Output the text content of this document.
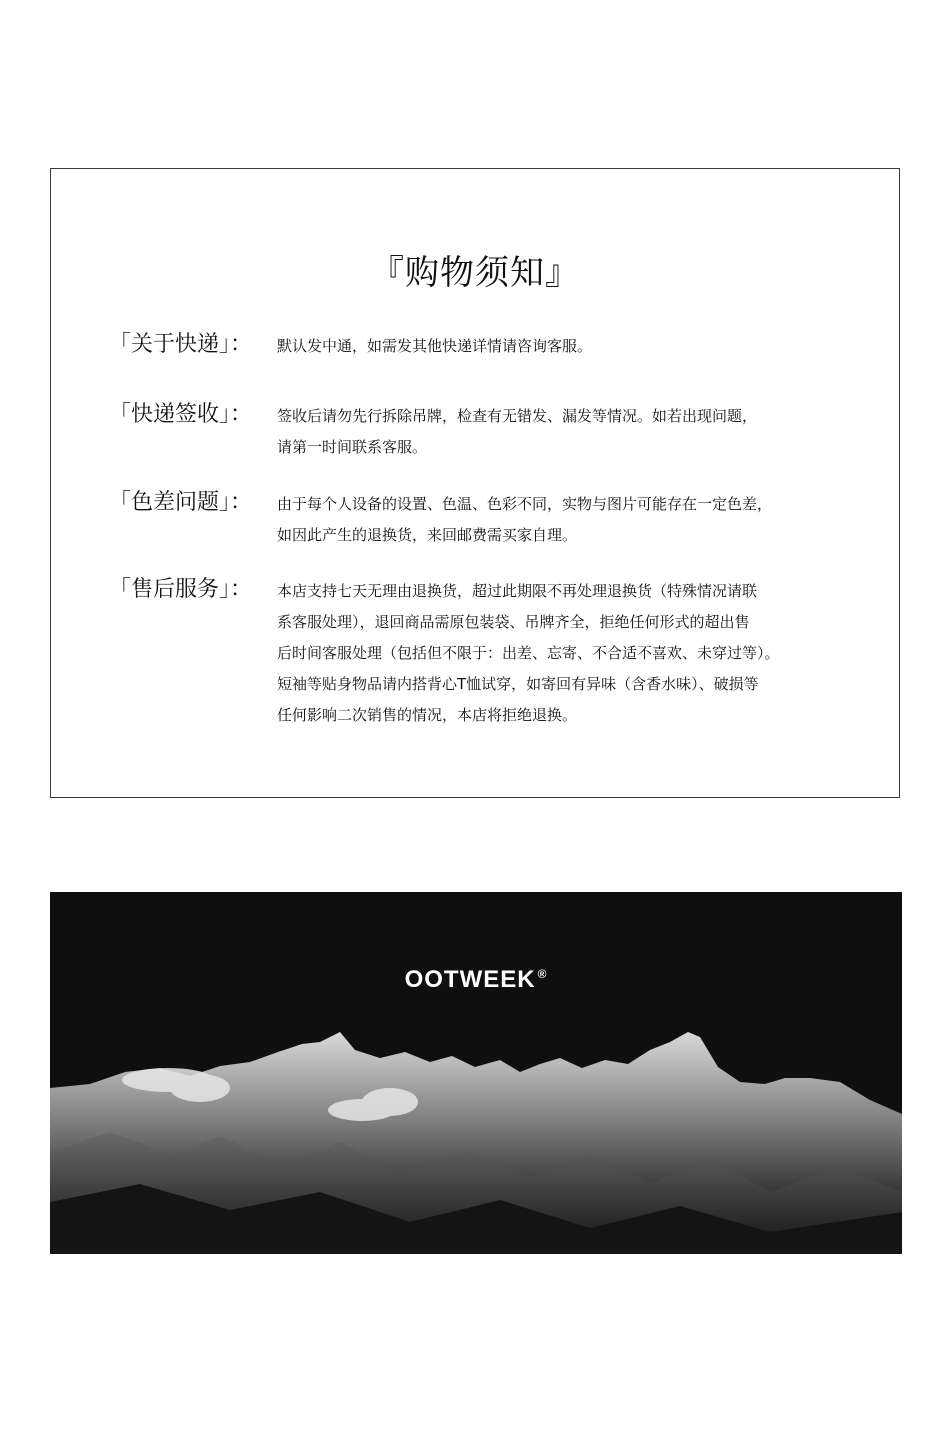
『购物须知』
「关于快递」： 默认发中通，如需发其他快递详情请咨询客服。
「快递签收」： 签收后请勿先行拆除吊牌，检查有无错发、漏发等情况。如若出现问题，
请第一时间联系客服。
「色差问题」： 由于每个人设备的设置、色温、色彩不同，实物与图片可能存在一定色差，
如因此产生的退换货，来回邮费需买家自理。
「售后服务」： 本店支持七天无理由退换货，超过此期限不再处理退换货（特殊情况请联
系客服处理），退回商品需原包装袋、吊牌齐全，拒绝任何形式的超出售
后时间客服处理（包括但不限于：出差、忘寄、不合适不喜欢、未穿过等）。
短袖等贴身物品请内搭背心T恤试穿，如寄回有异味（含香水味）、破损等
任何影响二次销售的情况，本店将拒绝退换。
OOTWEEK ®
